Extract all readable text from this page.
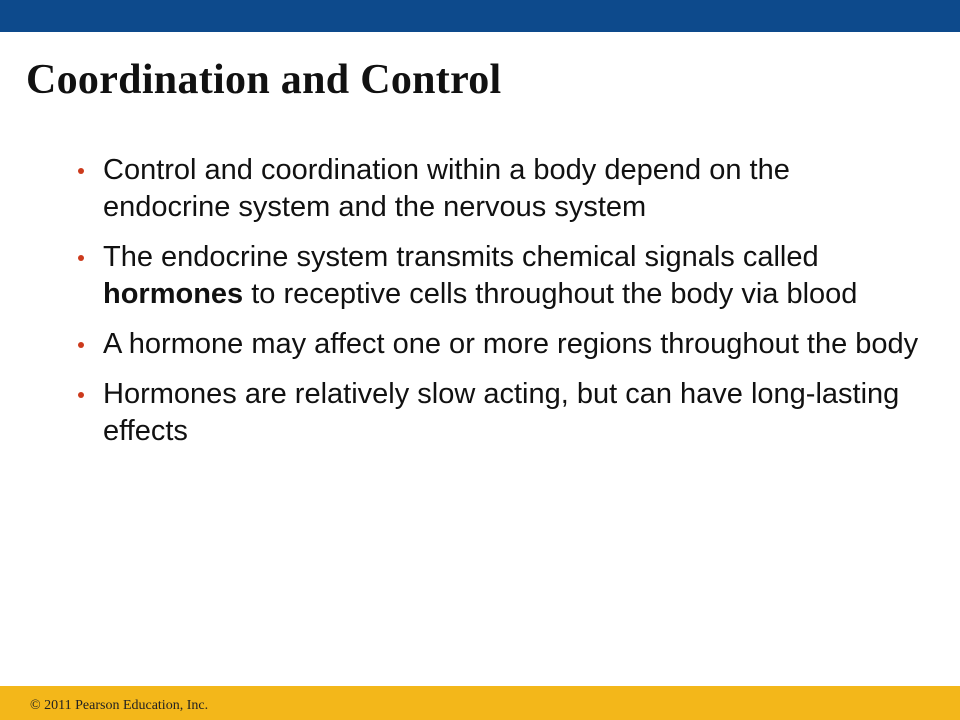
Coordination and Control
Control and coordination within a body depend on the endocrine system and the nervous system
The endocrine system transmits chemical signals called hormones to receptive cells throughout the body via blood
A hormone may affect one or more regions throughout the body
Hormones are relatively slow acting, but can have long-lasting effects
© 2011 Pearson Education, Inc.
